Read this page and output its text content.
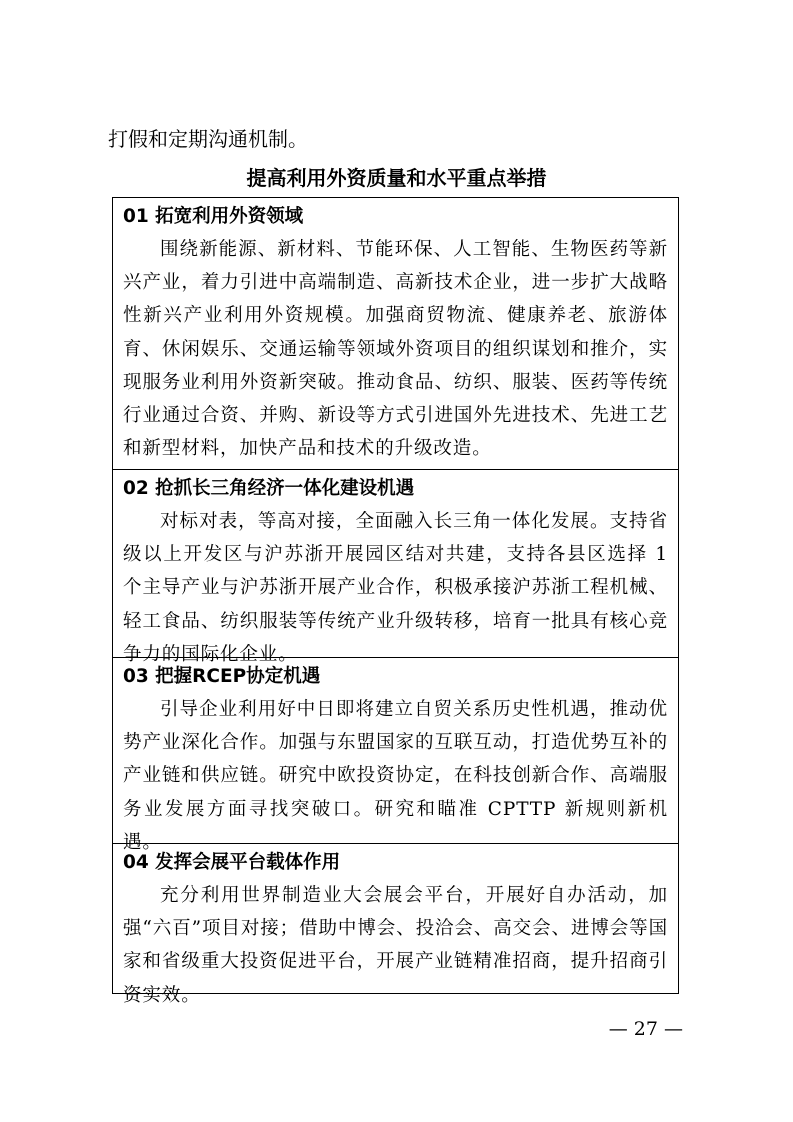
打假和定期沟通机制。

提高利用外资质量和水平重点举措

01 拓宽利用外资领域

围绕新能源、新材料、节能环保、人工智能、生物医药等新兴产业，着力引进中高端制造、高新技术企业，进一步扩大战略性新兴产业利用外资规模。加强商贸物流、健康养老、旅游体育、休闲娱乐、交通运输等领域外资项目的组织谋划和推介，实现服务业利用外资新突破。推动食品、纺织、服装、医药等传统行业通过合资、并购、新设等方式引进国外先进技术、先进工艺和新型材料，加快产品和技术的升级改造。

02 抢抓长三角经济一体化建设机遇

对标对表，等高对接，全面融入长三角一体化发展。支持省级以上开发区与沪苏浙开展园区结对共建，支持各县区选择 1 个主导产业与沪苏浙开展产业合作，积极承接沪苏浙工程机械、轻工食品、纺织服装等传统产业升级转移，培育一批具有核心竞争力的国际化企业。

03 把握RCEP协定机遇

引导企业利用好中日即将建立自贸关系历史性机遇，推动优势产业深化合作。加强与东盟国家的互联互动，打造优势互补的产业链和供应链。研究中欧投资协定，在科技创新合作、高端服务业发展方面寻找突破口。研究和瞄准 CPTTP 新规则新机遇。

04 发挥会展平台载体作用

充分利用世界制造业大会展会平台，开展好自办活动，加强“六百”项目对接；借助中博会、投洽会、高交会、进博会等国家和省级重大投资促进平台，开展产业链精准招商，提升招商引资实效。

— 27 —
